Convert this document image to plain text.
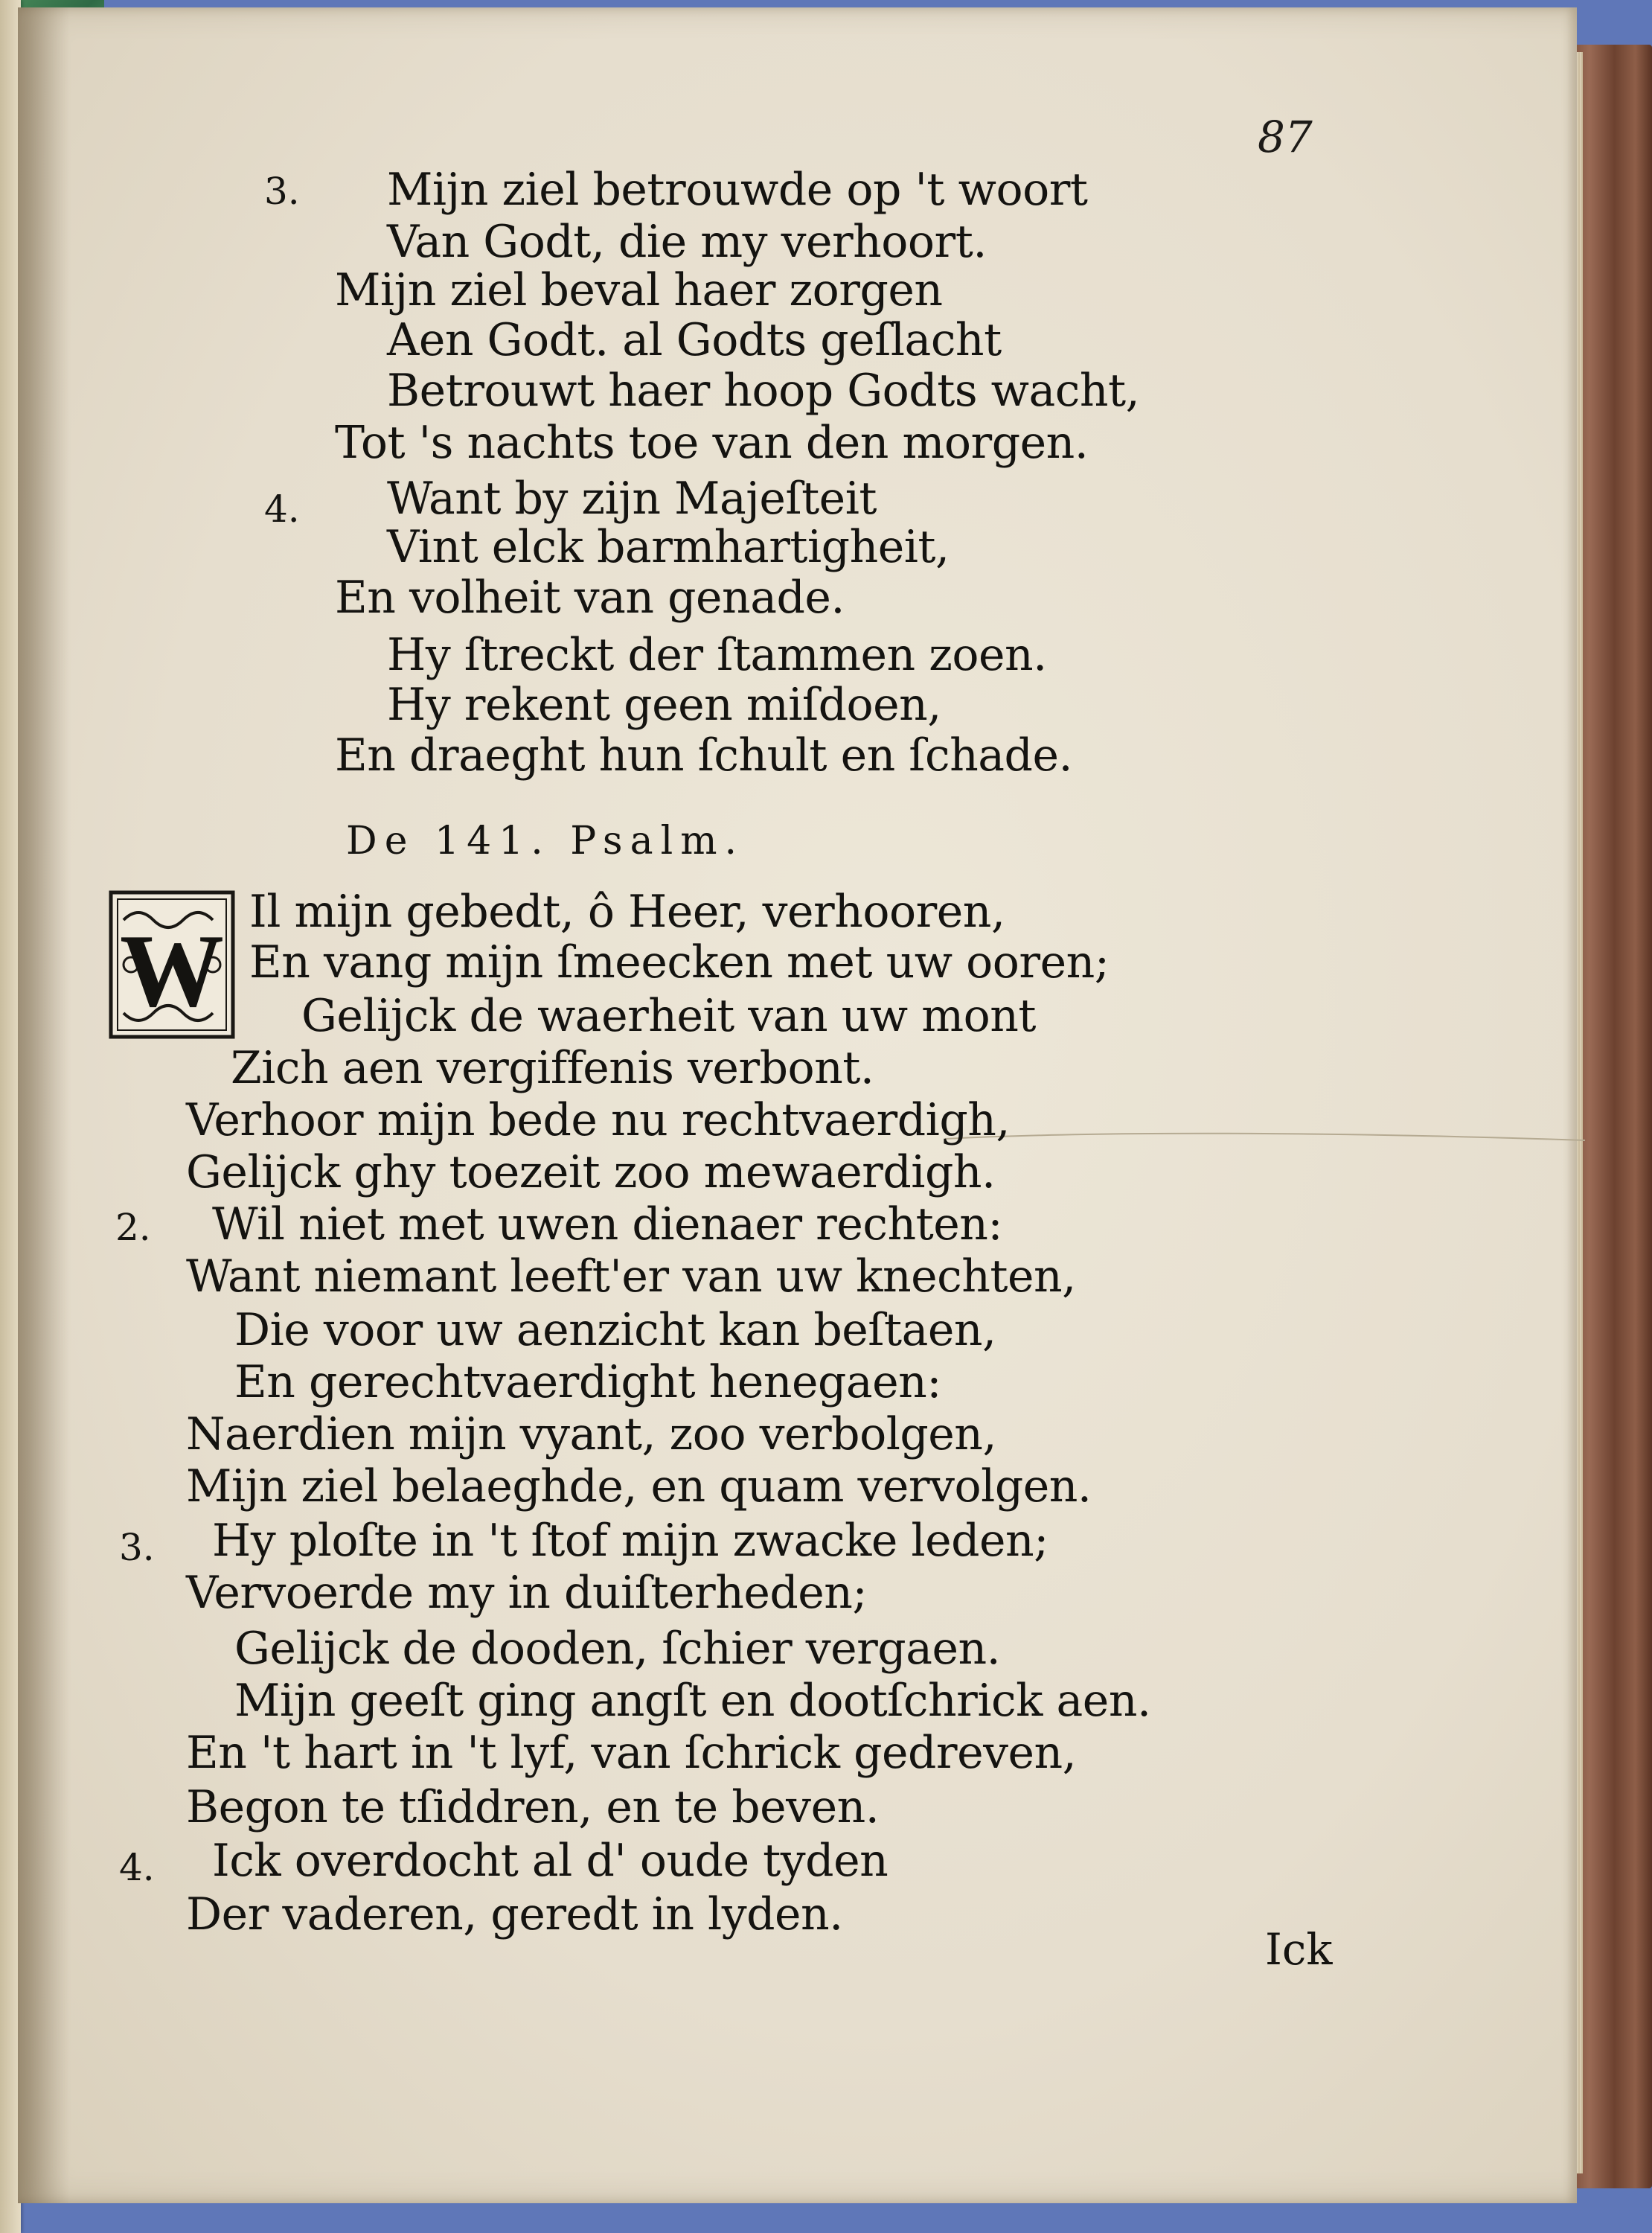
87
3. Mijn ziel betrouwde op 't woort
Van Godt, die my verhoort.
Mijn ziel beval haer zorgen
Aen Godt. al Godts geſlacht
Betrouwt haer hoop Godts wacht,
Tot 's nachts toe van den morgen.
4. Want by zijn Majeſteit
Vint elck barmhartigheit,
En volheit van genade.
Hy ſtreckt der ſtammen zoen.
Hy rekent geen miſdoen,
En draeght hun ſchult en ſchade.
De 141. Psalm.
W
Il mijn gebedt, ô Heer, verhooren,
En vang mijn ſmeecken met uw ooren;
Gelijck de waerheit van uw mont
Zich aen vergiffenis verbont.
Verhoor mijn bede nu rechtvaerdigh,
Gelijck ghy toezeit zoo mewaerdigh.
2. Wil niet met uwen dienaer rechten:
Want niemant leeft'er van uw knechten,
Die voor uw aenzicht kan beſtaen,
En gerechtvaerdight henegaen:
Naerdien mijn vyant, zoo verbolgen,
Mijn ziel belaeghde, en quam vervolgen.
3. Hy ploſte in 't ſtof mijn zwacke leden;
Vervoerde my in duiſterheden;
Gelijck de dooden, ſchier vergaen.
Mijn geeſt ging angſt en dootſchrick aen.
En 't hart in 't lyf, van ſchrick gedreven,
Begon te tſiddren, en te beven.
4. Ick overdocht al d' oude tyden
Der vaderen, geredt in lyden.
Ick
